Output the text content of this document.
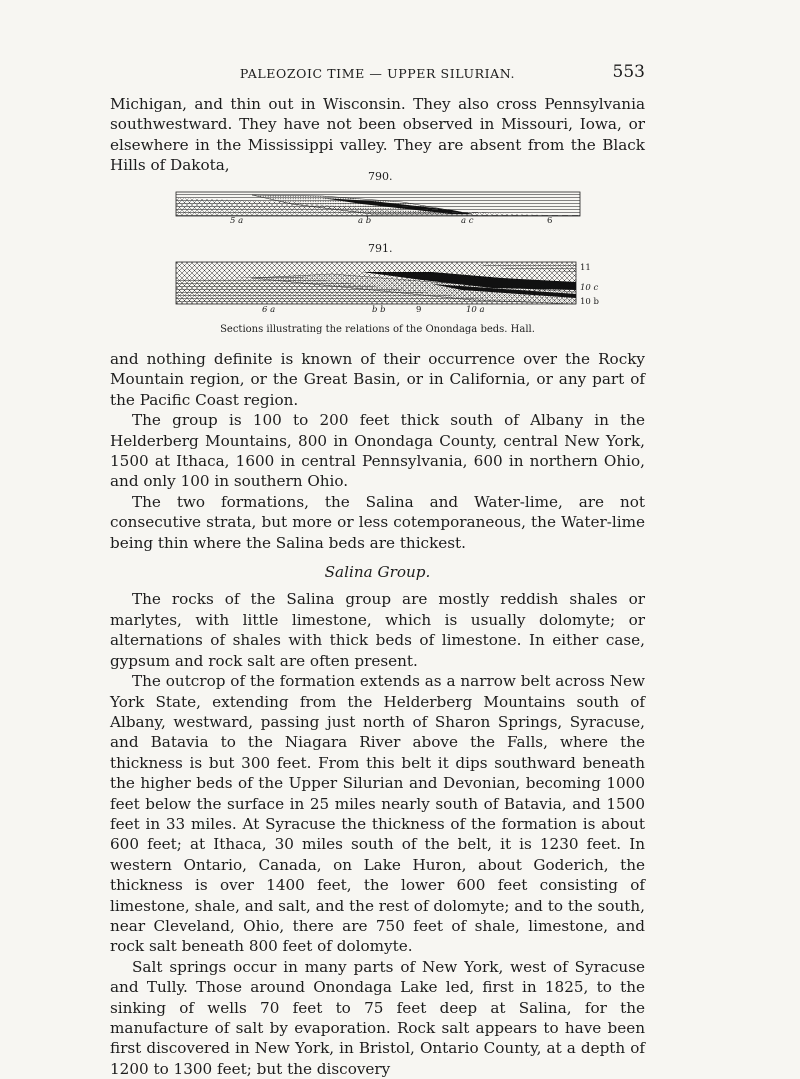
PALEOZOIC TIME — UPPER SILURIAN.	553

Michigan, and thin out in Wisconsin. They also cross Pennsylvania southwestward. They have not been observed in Missouri, Iowa, or elsewhere in the Mississippi valley. They are absent from the Black Hills of Dakota,

790.
5 a	a b	a c	6
791.
6 a	b b	9	10 a
11
10 c
10 b
Sections illustrating the relations of the Onondaga beds. Hall.

and nothing definite is known of their occurrence over the Rocky Mountain region, or the Great Basin, or in California, or any part of the Pacific Coast region.

The group is 100 to 200 feet thick south of Albany in the Helderberg Mountains, 800 in Onondaga County, central New York, 1500 at Ithaca, 1600 in central Pennsylvania, 600 in northern Ohio, and only 100 in southern Ohio.

The two formations, the Salina and Water-lime, are not consecutive strata, but more or less cotemporaneous, the Water-lime being thin where the Salina beds are thickest.

Salina Group.

The rocks of the Salina group are mostly reddish shales or marlytes, with little limestone, which is usually dolomyte; or alternations of shales with thick beds of limestone. In either case, gypsum and rock salt are often present.

The outcrop of the formation extends as a narrow belt across New York State, extending from the Helderberg Mountains south of Albany, westward, passing just north of Sharon Springs, Syracuse, and Batavia to the Niagara River above the Falls, where the thickness is but 300 feet. From this belt it dips southward beneath the higher beds of the Upper Silurian and Devonian, becoming 1000 feet below the surface in 25 miles nearly south of Batavia, and 1500 feet in 33 miles. At Syracuse the thickness of the formation is about 600 feet; at Ithaca, 30 miles south of the belt, it is 1230 feet. In western Ontario, Canada, on Lake Huron, about Goderich, the thickness is over 1400 feet, the lower 600 feet consisting of limestone, shale, and salt, and the rest of dolomyte; and to the south, near Cleveland, Ohio, there are 750 feet of shale, limestone, and rock salt beneath 800 feet of dolomyte.

Salt springs occur in many parts of New York, west of Syracuse and Tully. Those around Onondaga Lake led, first in 1825, to the sinking of wells 70 feet to 75 feet deep at Salina, for the manufacture of salt by evaporation. Rock salt appears to have been first discovered in New York, in Bristol, Ontario County, at a depth of 1200 to 1300 feet; but the discovery
